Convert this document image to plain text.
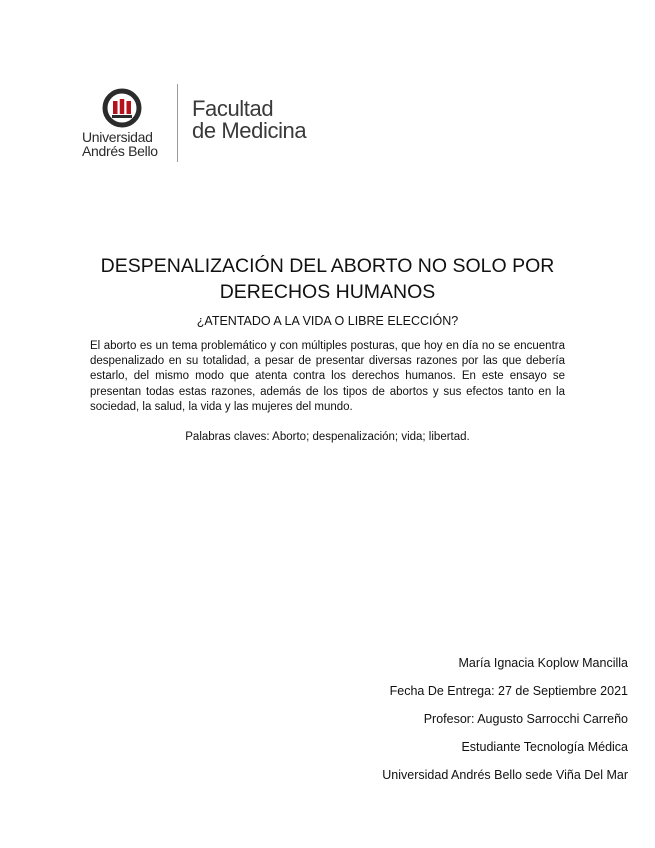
Universidad
Andrés Bello
Facultad
de Medicina
DESPENALIZACIÓN DEL ABORTO NO SOLO POR DERECHOS HUMANOS
¿ATENTADO A LA VIDA O LIBRE ELECCIÓN?

El aborto es un tema problemático y con múltiples posturas, que hoy en día no se encuentra despenalizado en su totalidad, a pesar de presentar diversas razones por las que debería estarlo, del mismo modo que atenta contra los derechos humanos. En este ensayo se presentan todas estas razones, además de los tipos de abortos y sus efectos tanto en la sociedad, la salud, la vida y las mujeres del mundo.

Palabras claves: Aborto; despenalización; vida; libertad.
María Ignacia Koplow Mancilla
Fecha De Entrega: 27 de Septiembre 2021
Profesor: Augusto Sarrocchi Carreño
Estudiante Tecnología Médica
Universidad Andrés Bello sede Viña Del Mar
